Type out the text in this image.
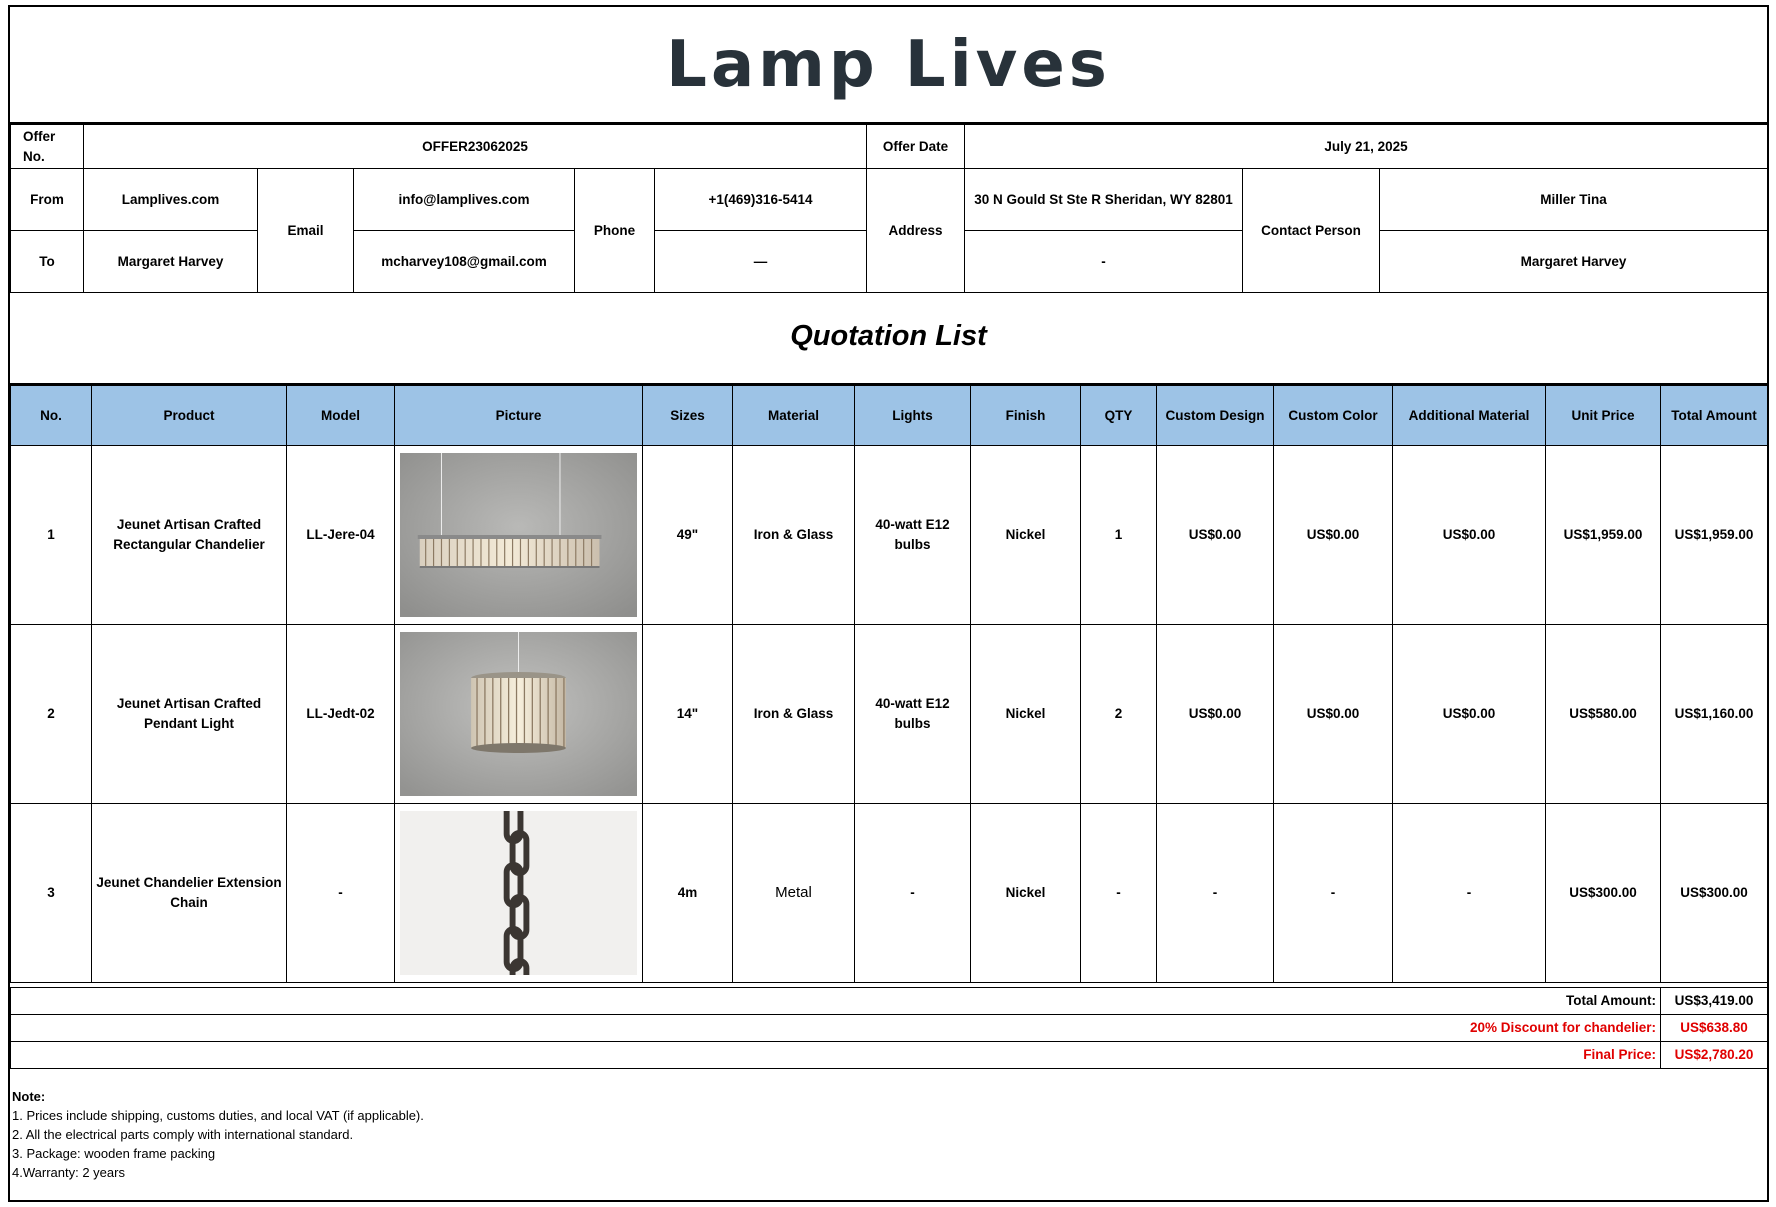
Lamp Lives
Offer No.	OFFER23062025					Offer Date	July 21, 2025		
From	Lamplives.com	Email	info@lamplives.com	Phone	+1(469)316-5414	Address	30 N Gould St Ste R Sheridan, WY 82801	Contact Person	Miller Tina
To	Margaret Harvey		mcharvey108@gmail.com		—		-		Margaret Harvey
Quotation List
No.	Product	Model	Picture	Sizes	Material	Lights	Finish	QTY	Custom Design	Custom Color	Additional Material	Unit Price	Total Amount
1	Jeunet Artisan Crafted Rectangular Chandelier	LL-Jere-04		49"	Iron & Glass	40-watt E12 bulbs	Nickel	1	US$0.00	US$0.00	US$0.00	US$1,959.00	US$1,959.00
2	Jeunet Artisan Crafted Pendant Light	LL-Jedt-02		14"	Iron & Glass	40-watt E12 bulbs	Nickel	2	US$0.00	US$0.00	US$0.00	US$580.00	US$1,160.00
3	Jeunet Chandelier Extension Chain	-		4m	Metal	-	Nickel	-	-	-	-	US$300.00	US$300.00
Total Amount:	US$3,419.00
20% Discount for chandelier:	US$638.80
Final Price:	US$2,780.20
Note:
1. Prices include shipping, customs duties, and local VAT (if applicable).
2. All the electrical parts comply with international standard.
3. Package: wooden frame packing
4.Warranty: 2 years
